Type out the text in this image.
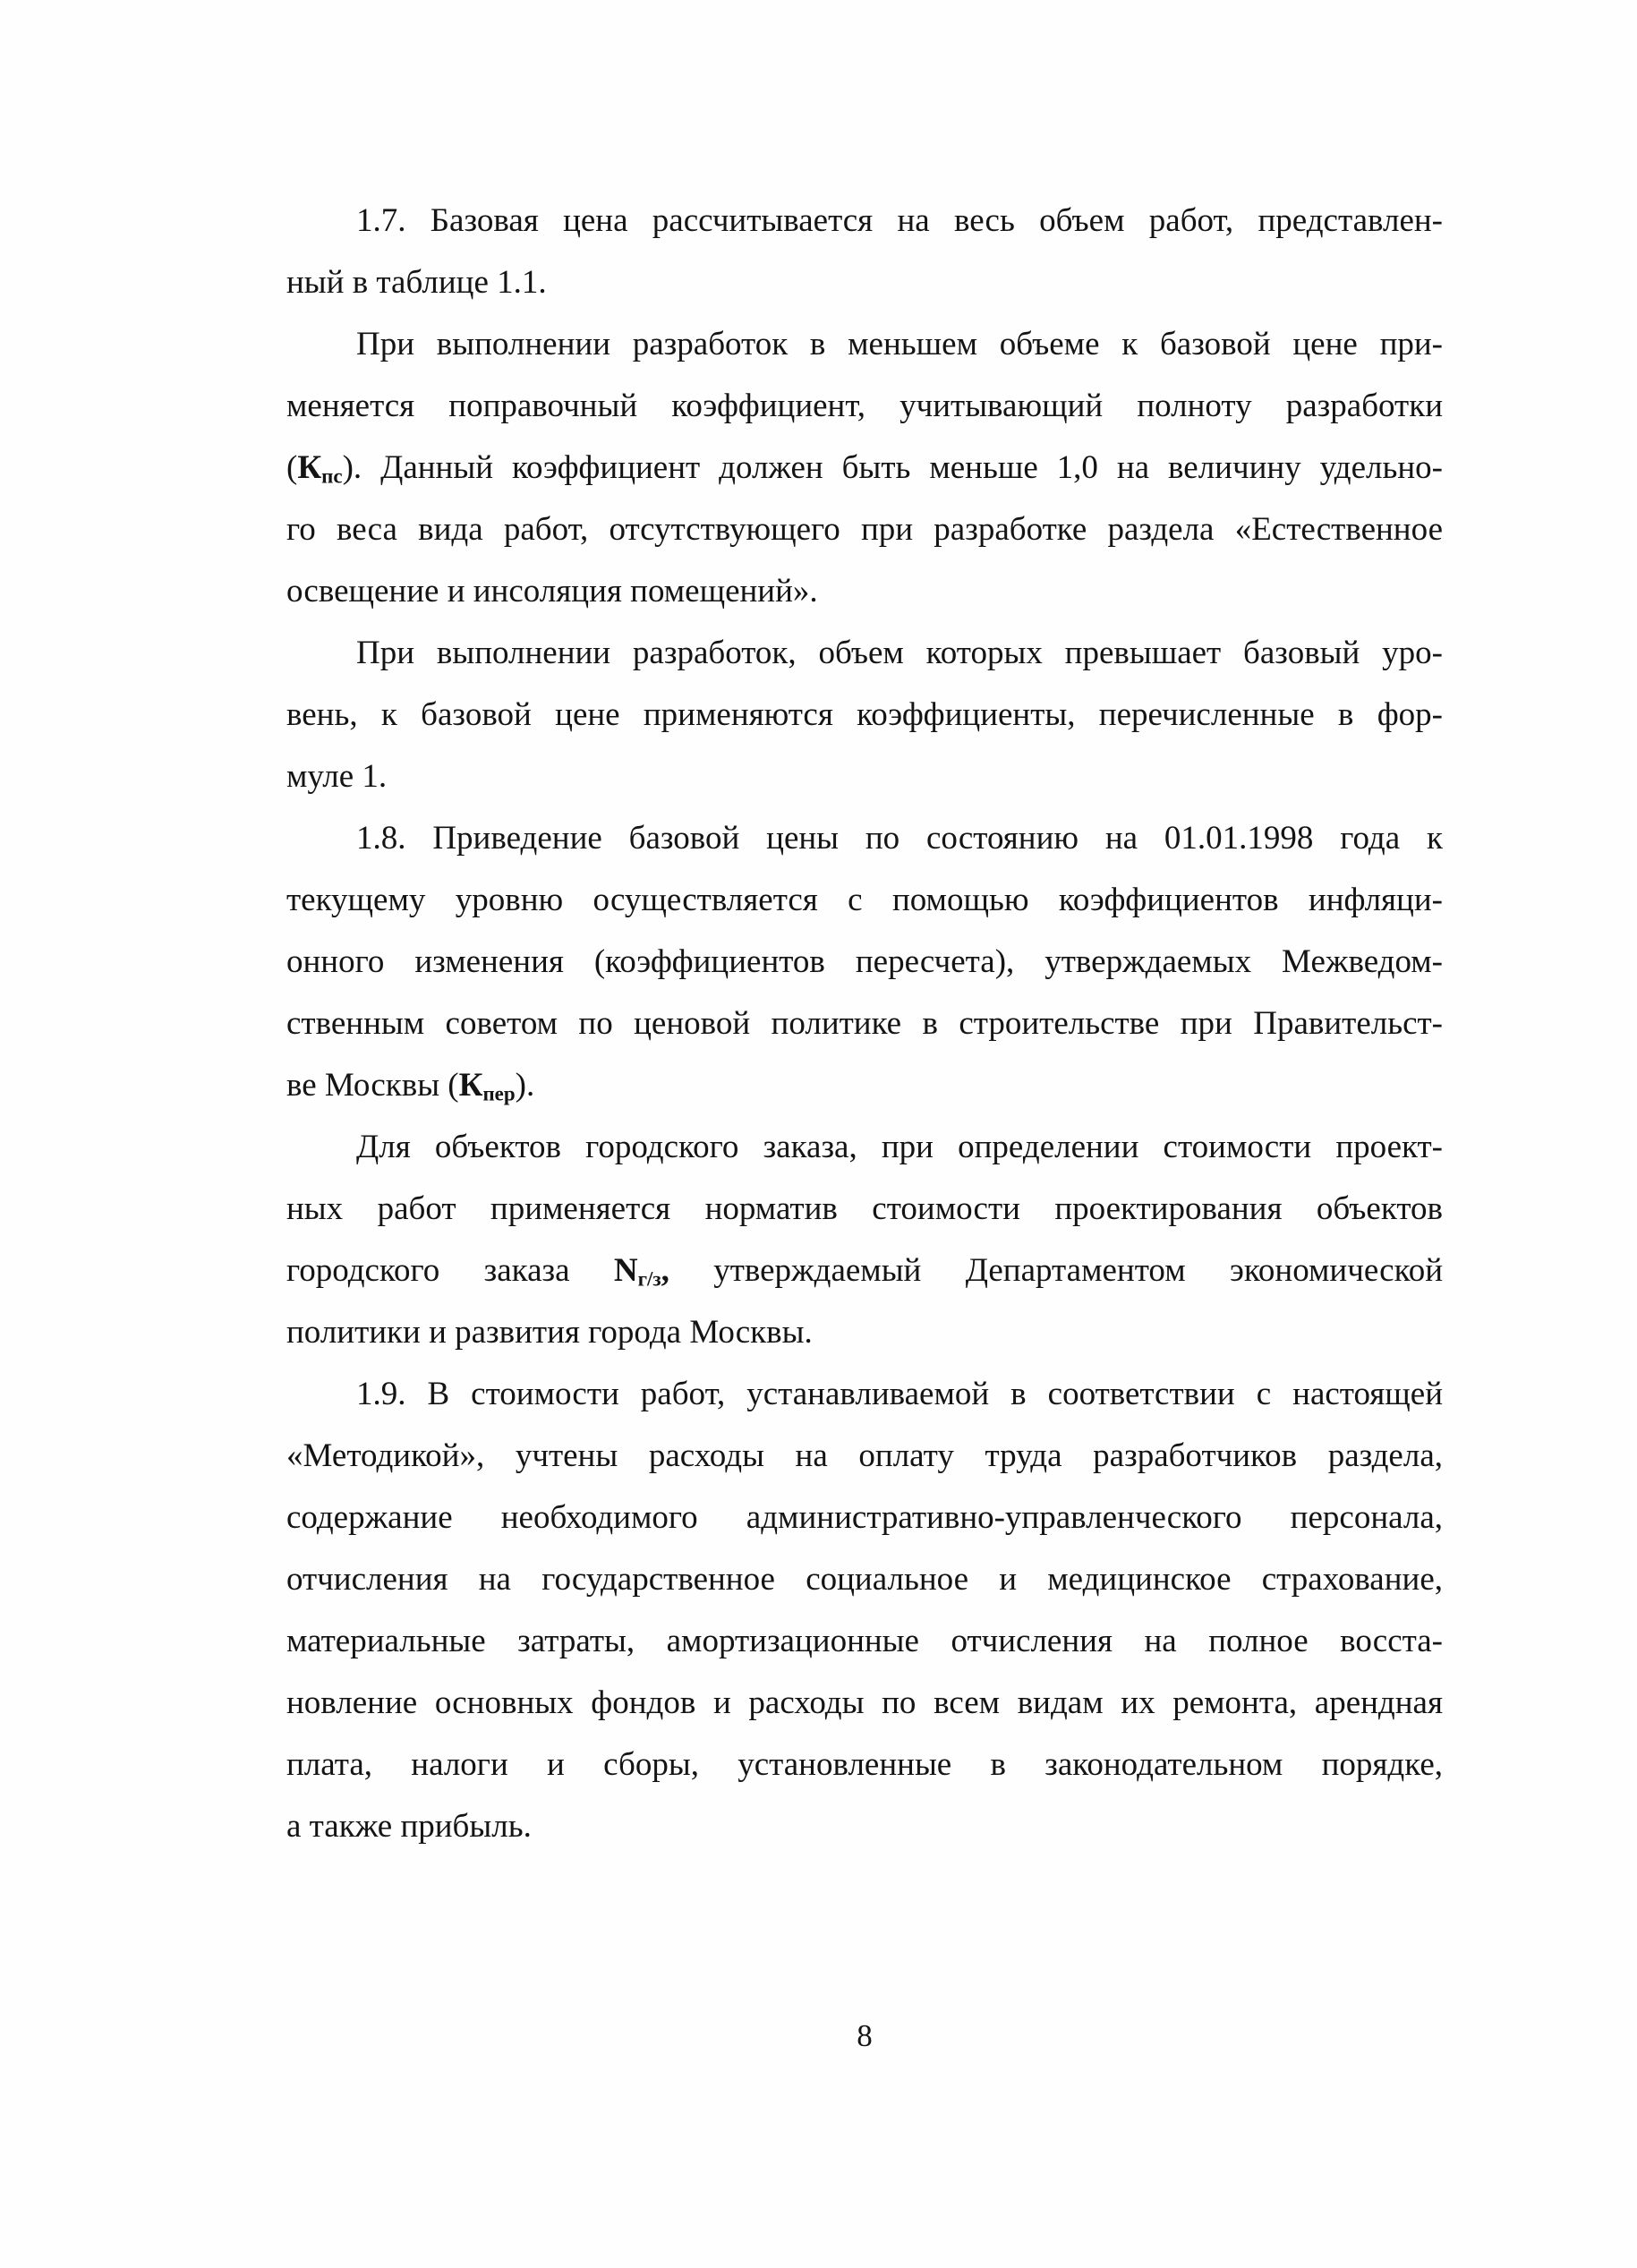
1.7. Базовая цена рассчитывается на весь объем работ, представлен-
ный в таблице 1.1.
При выполнении разработок в меньшем объеме к базовой цене при-
меняется поправочный коэффициент, учитывающий полноту разработки
$(К_{пс})$. Данный коэффициент должен быть меньше 1,0 на величину удельно-
го веса вида работ, отсутствующего при разработке раздела «Естественное
освещение и инсоляция помещений».
При выполнении разработок, объем которых превышает базовый уро-
вень, к базовой цене применяются коэффициенты, перечисленные в фор-
муле 1.
1.8. Приведение базовой цены по состоянию на 01.01.1998 года к
текущему уровню осуществляется с помощью коэффициентов инфляци-
онного изменения (коэффициентов пересчета), утверждаемых Межведом-
ственным советом по ценовой политике в строительстве при Правительст-
ве Москвы $(К_{пер})$.
Для объектов городского заказа, при определении стоимости проект-
ных работ применяется норматив стоимости проектирования объектов
городского заказа $N_{г/з}$, утверждаемый Департаментом экономической
политики и развития города Москвы.
1.9. В стоимости работ, устанавливаемой в соответствии с настоящей
«Методикой», учтены расходы на оплату труда разработчиков раздела,
содержание необходимого административно-управленческого персонала,
отчисления на государственное социальное и медицинское страхование,
материальные затраты, амортизационные отчисления на полное восста-
новление основных фондов и расходы по всем видам их ремонта, арендная
плата, налоги и сборы, установленные в законодательном порядке,
а также прибыль.
8
